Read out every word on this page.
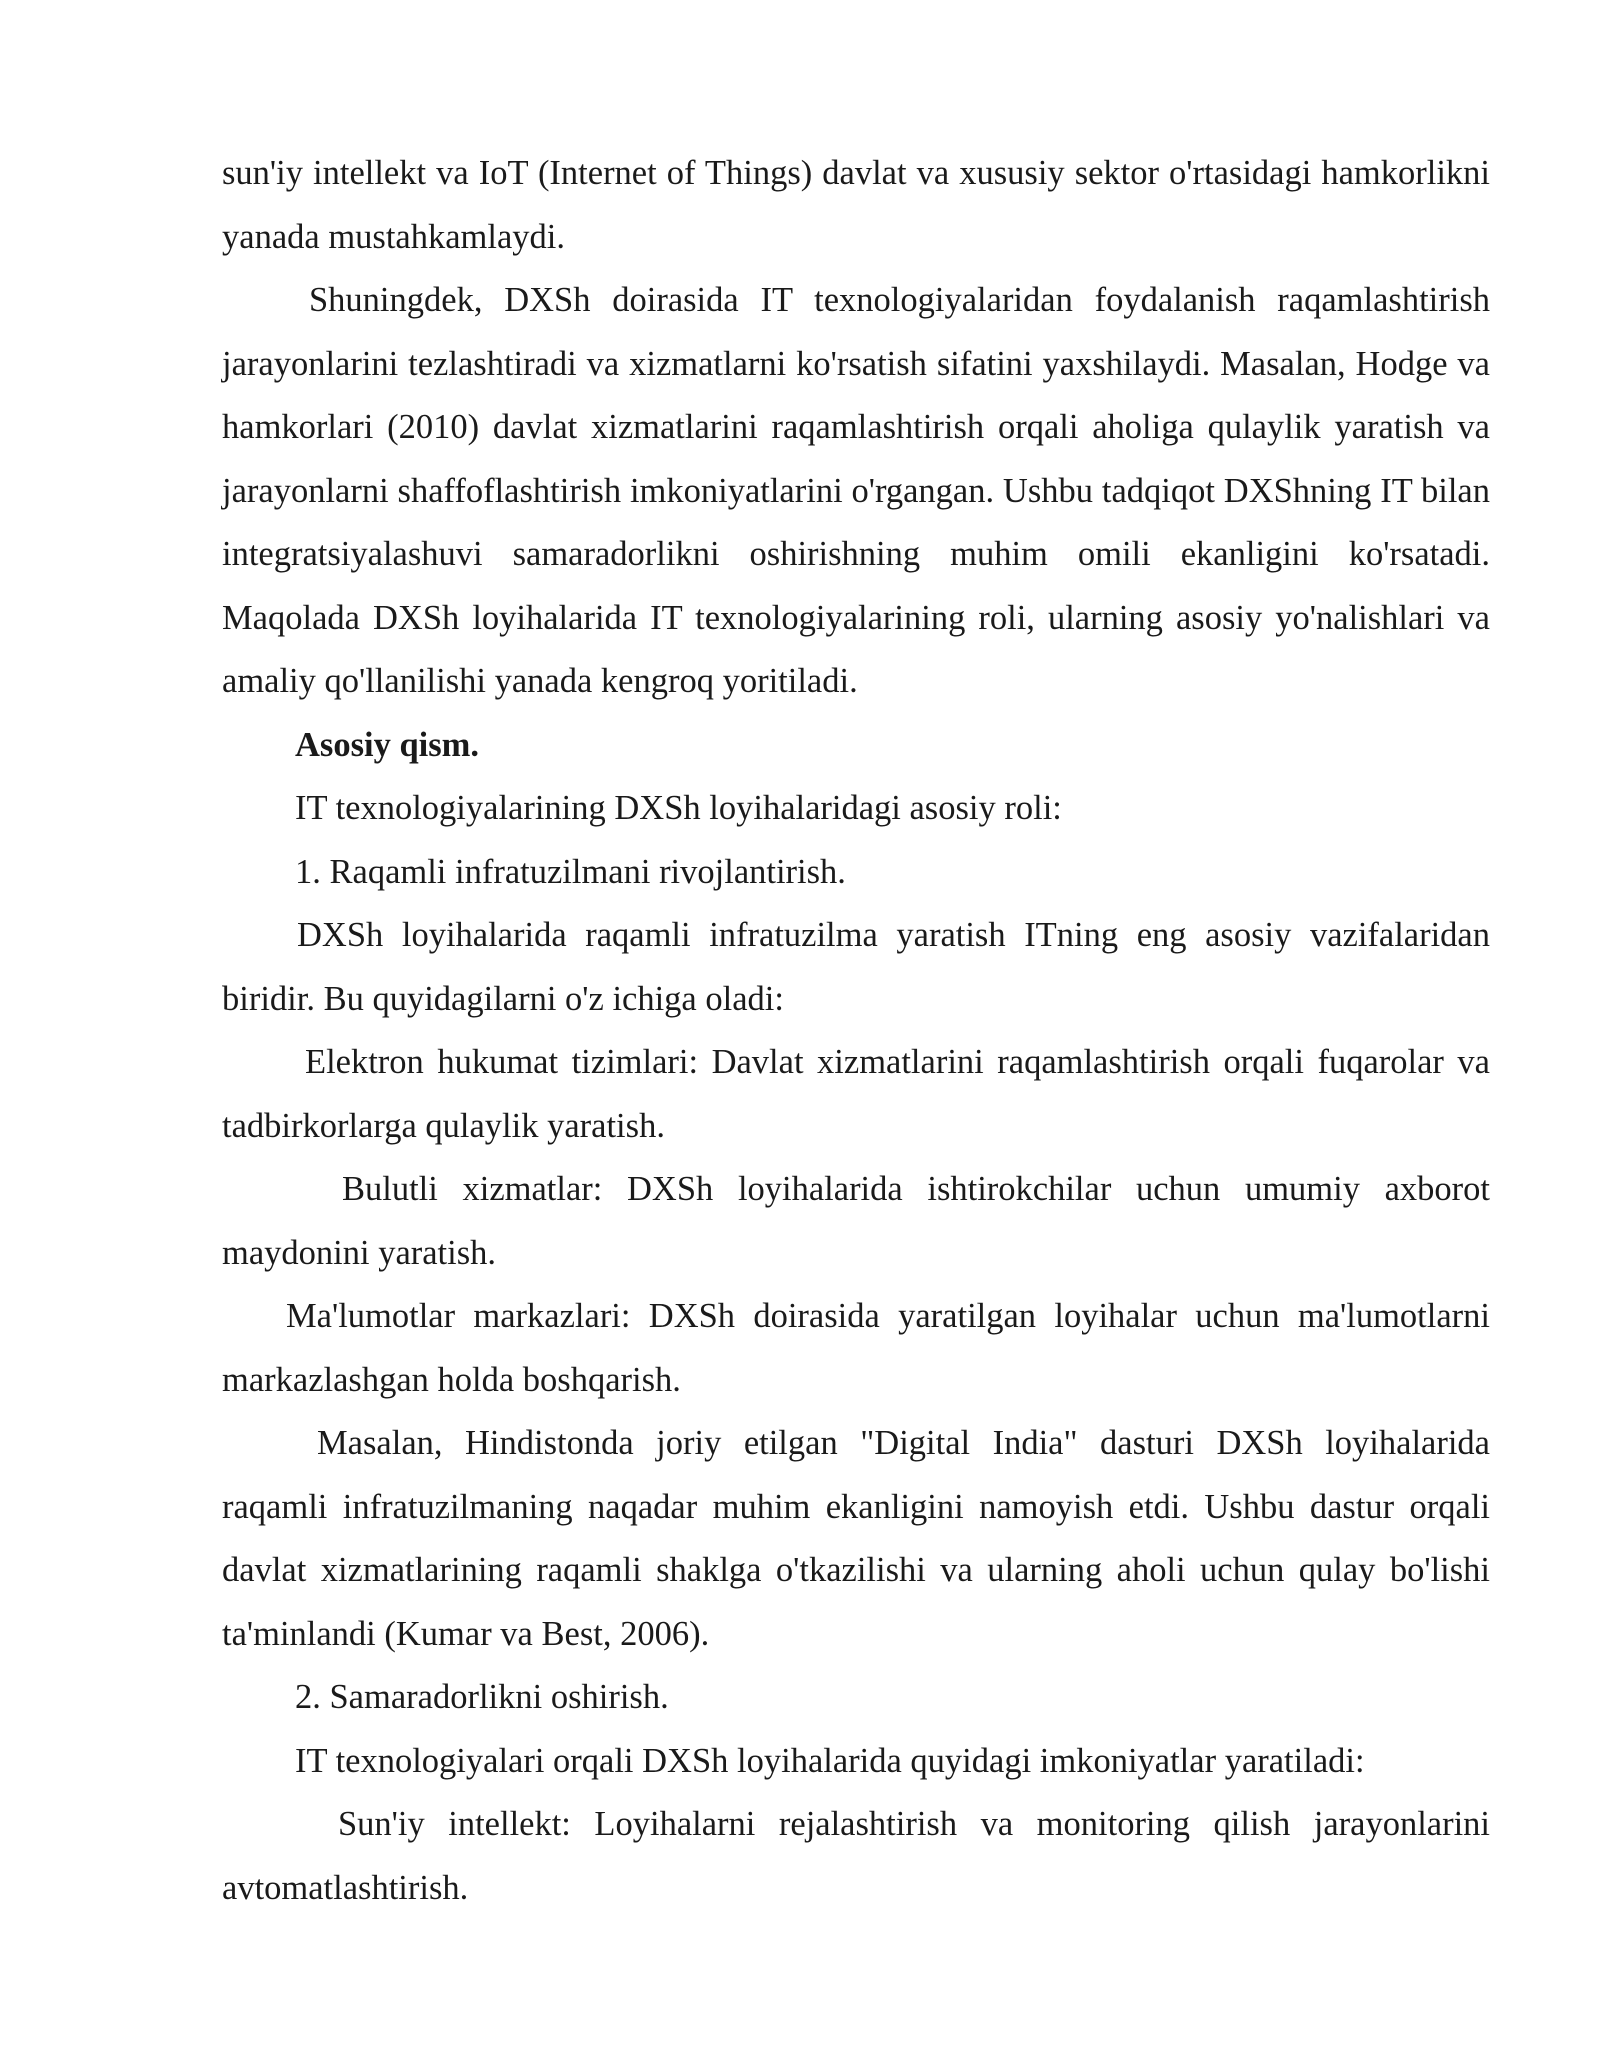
sun'iy intellekt va IoT (Internet of Things) davlat va xususiy sektor o'rtasidagi hamkorlikni yanada mustahkamlaydi.

Shuningdek, DXSh doirasida IT texnologiyalaridan foydalanish raqamlashtirish jarayonlarini tezlashtiradi va xizmatlarni ko'rsatish sifatini yaxshilaydi. Masalan, Hodge va hamkorlari (2010) davlat xizmatlarini raqamlashtirish orqali aholiga qulaylik yaratish va jarayonlarni shaffoflashtirish imkoniyatlarini o'rgangan. Ushbu tadqiqot DXShning IT bilan integratsiyalashuvi samaradorlikni oshirishning muhim omili ekanligini ko'rsatadi. Maqolada DXSh loyihalarida IT texnologiyalarining roli, ularning asosiy yo'nalishlari va amaliy qo'llanilishi yanada kengroq yoritiladi.

Asosiy qism.

IT texnologiyalarining DXSh loyihalaridagi asosiy roli:

1. Raqamli infratuzilmani rivojlantirish.

DXSh loyihalarida raqamli infratuzilma yaratish ITning eng asosiy vazifalaridan biridir. Bu quyidagilarni o'z ichiga oladi:

Elektron hukumat tizimlari: Davlat xizmatlarini raqamlashtirish orqali fuqarolar va tadbirkorlarga qulaylik yaratish.

Bulutli xizmatlar: DXSh loyihalarida ishtirokchilar uchun umumiy axborot maydonini yaratish.

Ma'lumotlar markazlari: DXSh doirasida yaratilgan loyihalar uchun ma'lumotlarni markazlashgan holda boshqarish.

Masalan, Hindistonda joriy etilgan "Digital India" dasturi DXSh loyihalarida raqamli infratuzilmaning naqadar muhim ekanligini namoyish etdi. Ushbu dastur orqali davlat xizmatlarining raqamli shaklga o'tkazilishi va ularning aholi uchun qulay bo'lishi ta'minlandi (Kumar va Best, 2006).

2. Samaradorlikni oshirish.

IT texnologiyalari orqali DXSh loyihalarida quyidagi imkoniyatlar yaratiladi:

Sun'iy intellekt: Loyihalarni rejalashtirish va monitoring qilish jarayonlarini avtomatlashtirish.
